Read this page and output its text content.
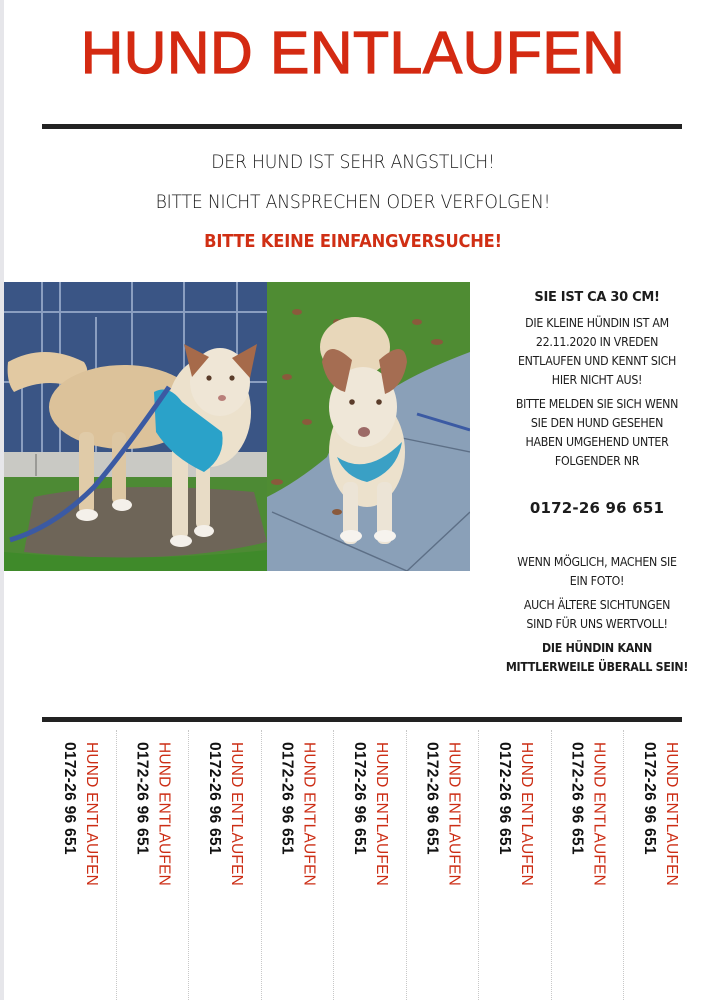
HUND ENTLAUFEN
DER HUND IST SEHR ÄNGSTLICH!
BITTE NICHT ANSPRECHEN ODER VERFOLGEN!
BITTE KEINE EINFANGVERSUCHE!
SIE IST CA 30 CM!
DIE KLEINE HÜNDIN IST AM
22.11.2020 IN VREDEN
ENTLAUFEN UND KENNT SICH
HIER NICHT AUS!
BITTE MELDEN SIE SICH WENN
SIE DEN HUND GESEHEN
HABEN UMGEHEND UNTER
FOLGENDER NR
0172-26 96 651
WENN MÖGLICH, MACHEN SIE
EIN FOTO!
AUCH ÄLTERE SICHTUNGEN
SIND FÜR UNS WERTVOLL!
DIE HÜNDIN KANN
MITTLERWEILE ÜBERALL SEIN!
0172-26 96 651 HUND ENTLAUFEN 0172-26 96 651 HUND ENTLAUFEN 0172-26 96 651 HUND ENTLAUFEN 0172-26 96 651 HUND ENTLAUFEN 0172-26 96 651 HUND ENTLAUFEN 0172-26 96 651 HUND ENTLAUFEN 0172-26 96 651 HUND ENTLAUFEN 0172-26 96 651 HUND ENTLAUFEN 0172-26 96 651 HUND ENTLAUFEN
